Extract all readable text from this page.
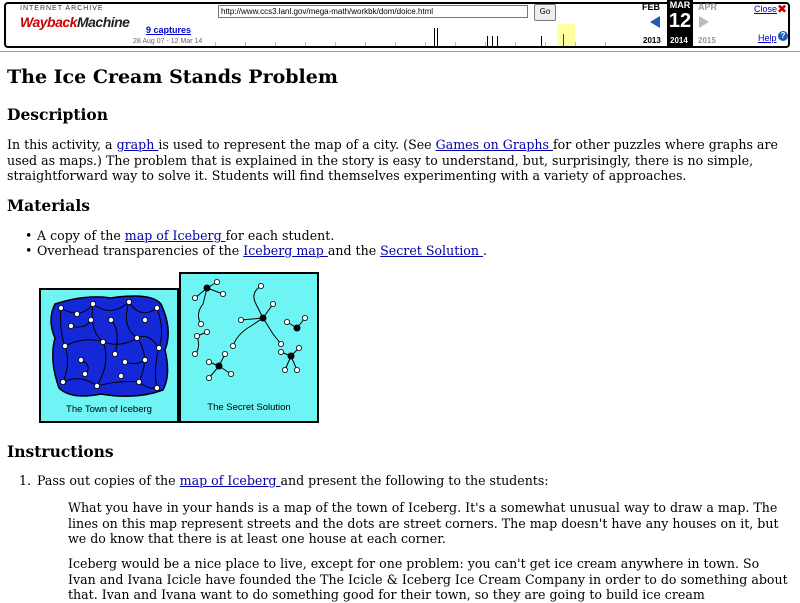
INTERNET ARCHIVE
WaybackMachine 9 captures
28 Aug 07 - 12 Mar 14
http://www.ccs3.lanl.gov/mega-math/workbk/dom/doice.html
Go	FEB	MAR
12
APR
2013 2014 2015
Close ✖
Help ?
The Ice Cream Stands Problem
Description

In this activity, a graph is used to represent the map of a city. (See Games on Graphs for other puzzles where graphs are used as maps.) The problem that is explained in the story is easy to understand, but, surprisingly, there is no simple, straightforward way to solve it. Students will find themselves experimenting with a variety of approaches.

Materials
• A copy of the map of Iceberg for each student.
• Overhead transparencies of the Iceberg map and the Secret Solution .
The Town of Iceberg	The Secret Solution
Instructions
1. Pass out copies of the map of Iceberg and present the following to the students:

What you have in your hands is a map of the town of Iceberg. It's a somewhat unusual way to draw a map. The lines on this map represent streets and the dots are street corners. The map doesn't have any houses on it, but we do know that there is at least one house at each corner.

Iceberg would be a nice place to live, except for one problem: you can't get ice cream anywhere in town. So Ivan and Ivana Icicle have founded the The Icicle & Iceberg Ice Cream Company in order to do something about that. Ivan and Ivana want to do something good for their town, so they are going to build ice cream
